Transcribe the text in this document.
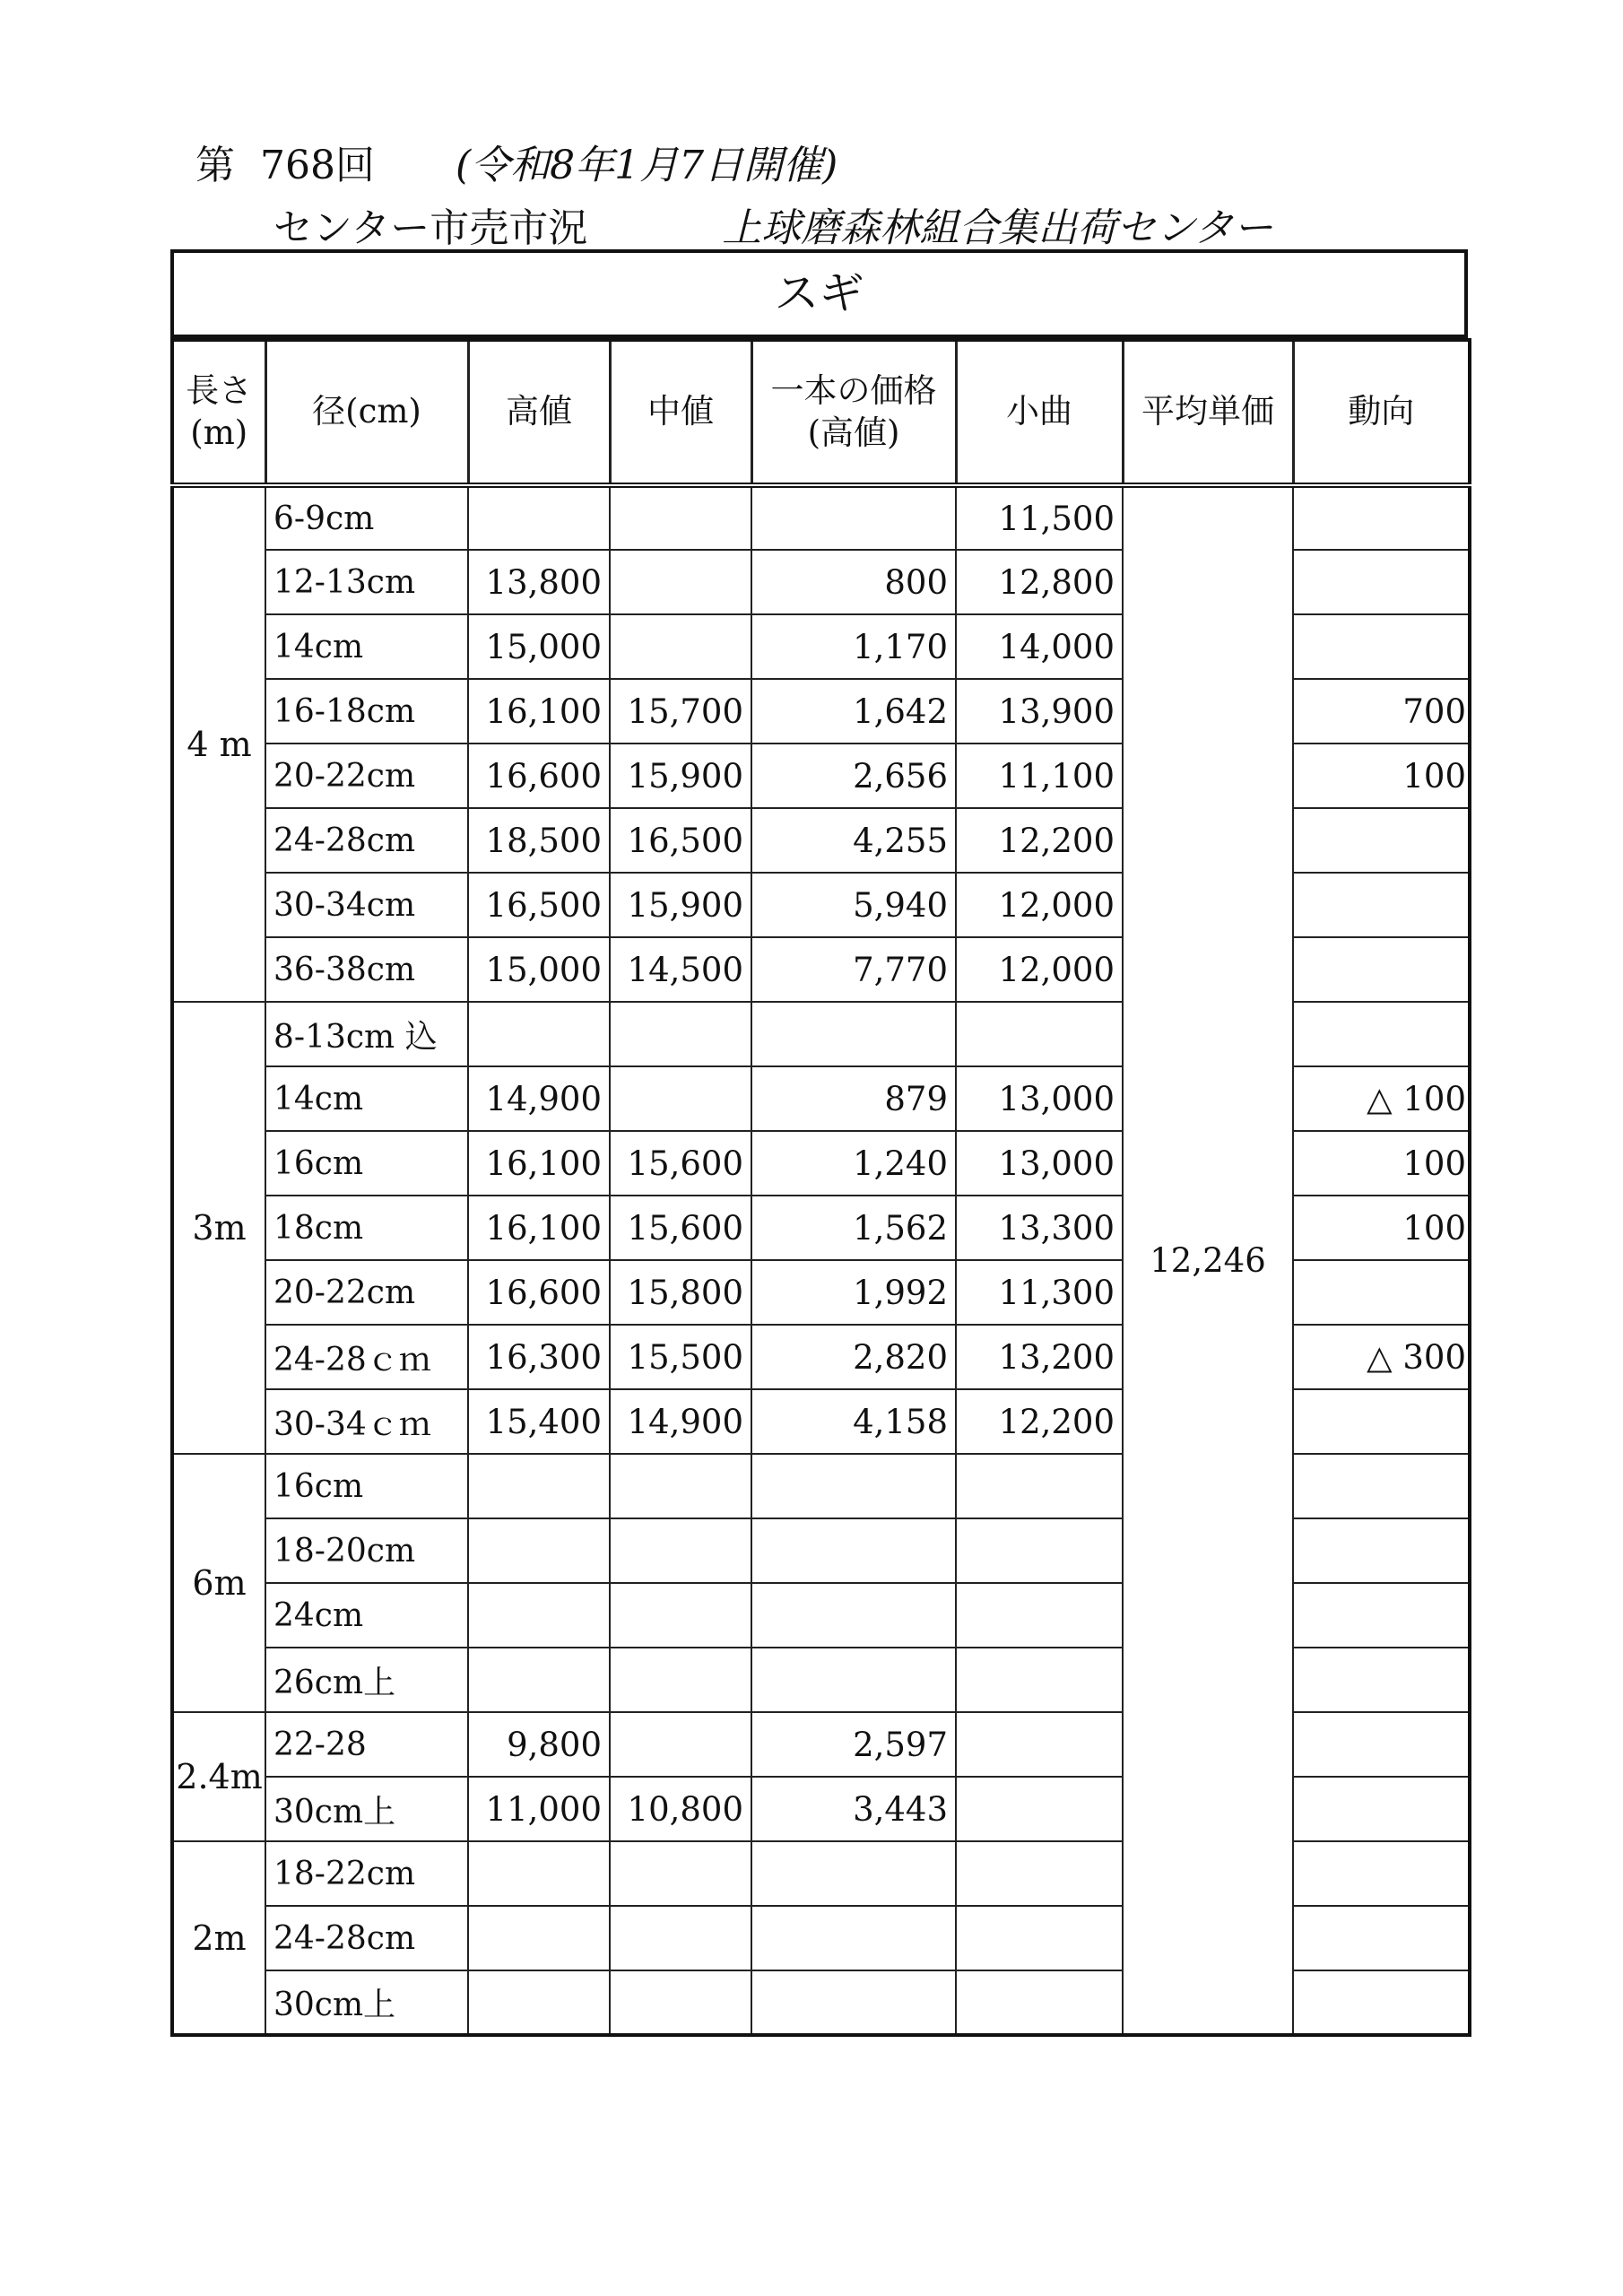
第 768回 (令和8年1月7日開催)
センター市売市況	上球磨森林組合集出荷センター
スギ
長さ
(m)	径(cm)	高値	中値	一本の価格
(高値)	小曲	平均単価	動向
4 m	6-9cm				11,500	12,246	
	12-13cm	13,800		800	12,800		
	14cm	15,000		1,170	14,000		
	16-18cm	16,100	15,700	1,642	13,900		700
	20-22cm	16,600	15,900	2,656	11,100		100
	24-28cm	18,500	16,500	4,255	12,200		
	30-34cm	16,500	15,900	5,940	12,000		
	36-38cm	15,000	14,500	7,770	12,000		
3m	8-13cm 込						
	14cm	14,900		879	13,000		△ 100
	16cm	16,100	15,600	1,240	13,000		100
	18cm	16,100	15,600	1,562	13,300		100
	20-22cm	16,600	15,800	1,992	11,300		
	24-28ｃｍ	16,300	15,500	2,820	13,200		△ 300
	30-34ｃｍ	15,400	14,900	4,158	12,200		
6m	16cm						
	18-20cm						
	24cm						
	26cm上						
2.4m	22-28	9,800		2,597			
	30cm上	11,000	10,800	3,443			
2m	18-22cm						
	24-28cm						
	30cm上						
